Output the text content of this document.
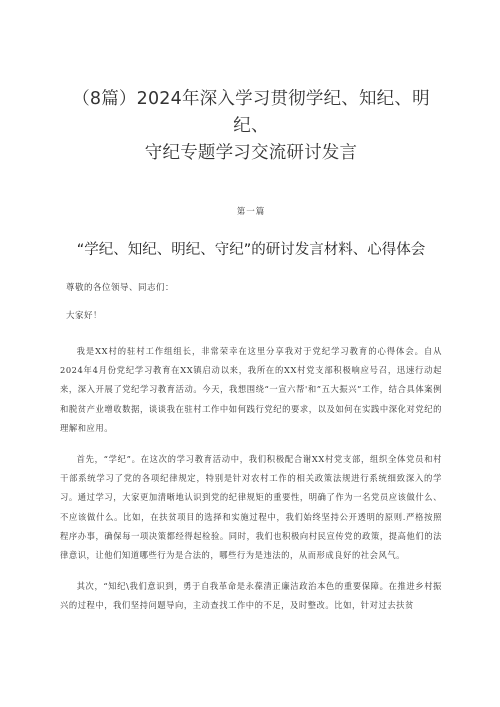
（8篇）2024年深入学习贯彻学纪、知纪、明纪、
守纪专题学习交流研讨发言

第一篇

“学纪、知纪、明纪、守纪”的研讨发言材料、心得体会

尊敬的各位领导、同志们：

大家好！

我是XX村的驻村工作组组长，非常荣幸在这里分享我对于党纪学习教育的心得体会。自从2024年4月份党纪学习教育在XX镇启动以来，我所在的XX村党支部积极响应号召，迅速行动起来，深入开展了党纪学习教育活动。今天，我想围绕“一宣六帮'和”五大振兴”工作，结合具体案例和脱贫产业增收数据，谈谈我在驻村工作中如何践行党纪的要求，以及如何在实践中深化对党纪的理解和应用。

首先，“学纪”。在这次的学习教育活动中，我们积极配合谢XX村党支部，组织全体党员和村干部系统学习了党的各项纪律规定，特别是针对农村工作的相关政策法规进行系统细致深入的学习。通过学习，大家更加清晰地认识到党的纪律规矩的重要性，明确了作为一名党员应该做什么、不应该做什么。比如，在扶贫项目的选择和实施过程中，我们始终坚持公开透明的原则.严格按照程序办事，确保每一项决策都经得起检验。同时，我们也积极向村民宣传党的政策，提高他们的法律意识，让他们知道哪些行为是合法的，哪些行为是违法的，从而形成良好的社会风气。

其次，“知纪\我们意识到，勇于自我革命是永葆清正廉洁政治本色的重要保障。在推进乡村振兴的过程中，我们坚持问题导向，主动查找工作中的不足，及时整改。比如，针对过去扶贫
